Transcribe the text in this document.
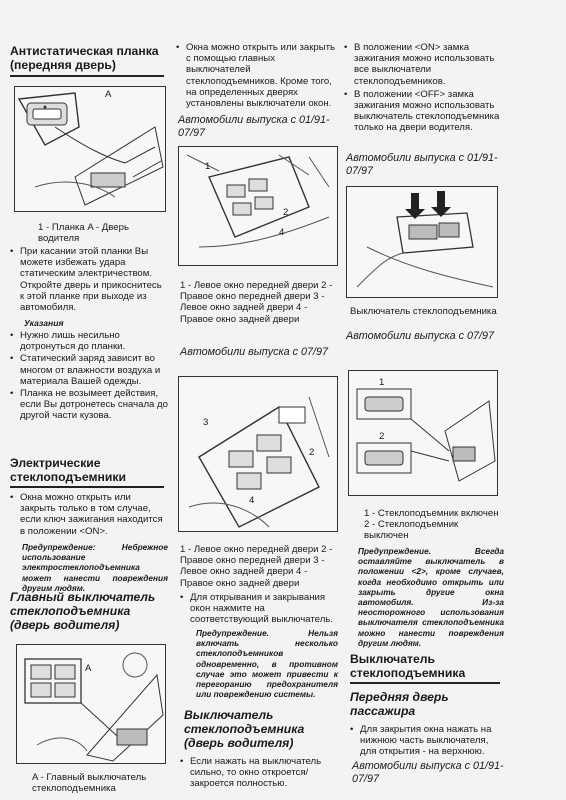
Антистатическая планка
(передняя дверь)
A
1 - Планка A - Дверь водителя
• При касании этой планки Вы можете избежать удара статическим электричеством. Откройте дверь и прикоснитесь к этой планке при выходе из автомобиля.
Указания
• Нужно лишь несильно дотронуться до планки.
• Статический заряд зависит во многом от влажности воздуха и материала Вашей одежды.
• Планка не возымеет действия, если Вы дотронетесь сначала до другой части кузова.
Электрические
стеклоподъемники
• Окна можно открыть или закрыть только в том случае, если ключ зажигания находится в положении <ON>.
Предупреждение:	Небрежное использование электростеклоподъемника может нанести повреждения другим людям.
Главный выключатель
стеклоподъемника
(дверь водителя)
A
A - Главный выключатель стеклоподъемника
• Окна можно открыть или закрыть с помощью главных выключателей стеклоподъемников. Кроме того, на определенных дверях установлены выключатели окон.
Автомобили выпуска с 01/91-07/97
1
2
4
1 - Левое окно передней двери 2 - Правое окно передней двери 3 - Левое окно задней двери 4 - Правое окно задней двери
Автомобили выпуска с 07/97
3
2
4
1 - Левое окно передней двери 2 - Правое окно передней двери 3 - Левое окно задней двери 4 - Правое окно задней двери
• Для открывания и закрывания окон нажмите на соответствующий выключатель.
Предупреждение.	Нельзя включать несколько стеклоподъемников одновременно, в противном случае это может привести к перегоранию предохранителя или повреждению системы.
Выключатель
стеклоподъемника
(дверь водителя)
• Если нажать на выключатель сильно, то окно откроется/закроется полностью.
• В положении <ON> замка зажигания можно использовать все выключатели стеклоподъемников.
• В положении <OFF> замка зажигания можно использовать выключатель стеклоподъемника только на двери водителя.
Автомобили выпуска с 01/91-07/97
Выключатель стеклоподъемника
Автомобили выпуска с 07/97
1
2
1 - Стеклоподъемник включен 2 - Стеклоподъемник выключен
Предупреждение.	Всегда оставляйте выключатель в положении <2>, кроме случаев, когда необходимо открыть или закрыть другие окна автомобиля. Из-за неосторожного использования выключателя стеклоподъемника можно нанести повреждения другим людям.
Выключатель
стеклоподъемника
Передняя дверь
пассажира
• Для закрытия окна нажать на нижнюю часть выключателя, для открытия - на верхнюю.
Автомобили выпуска с 01/91-07/97
